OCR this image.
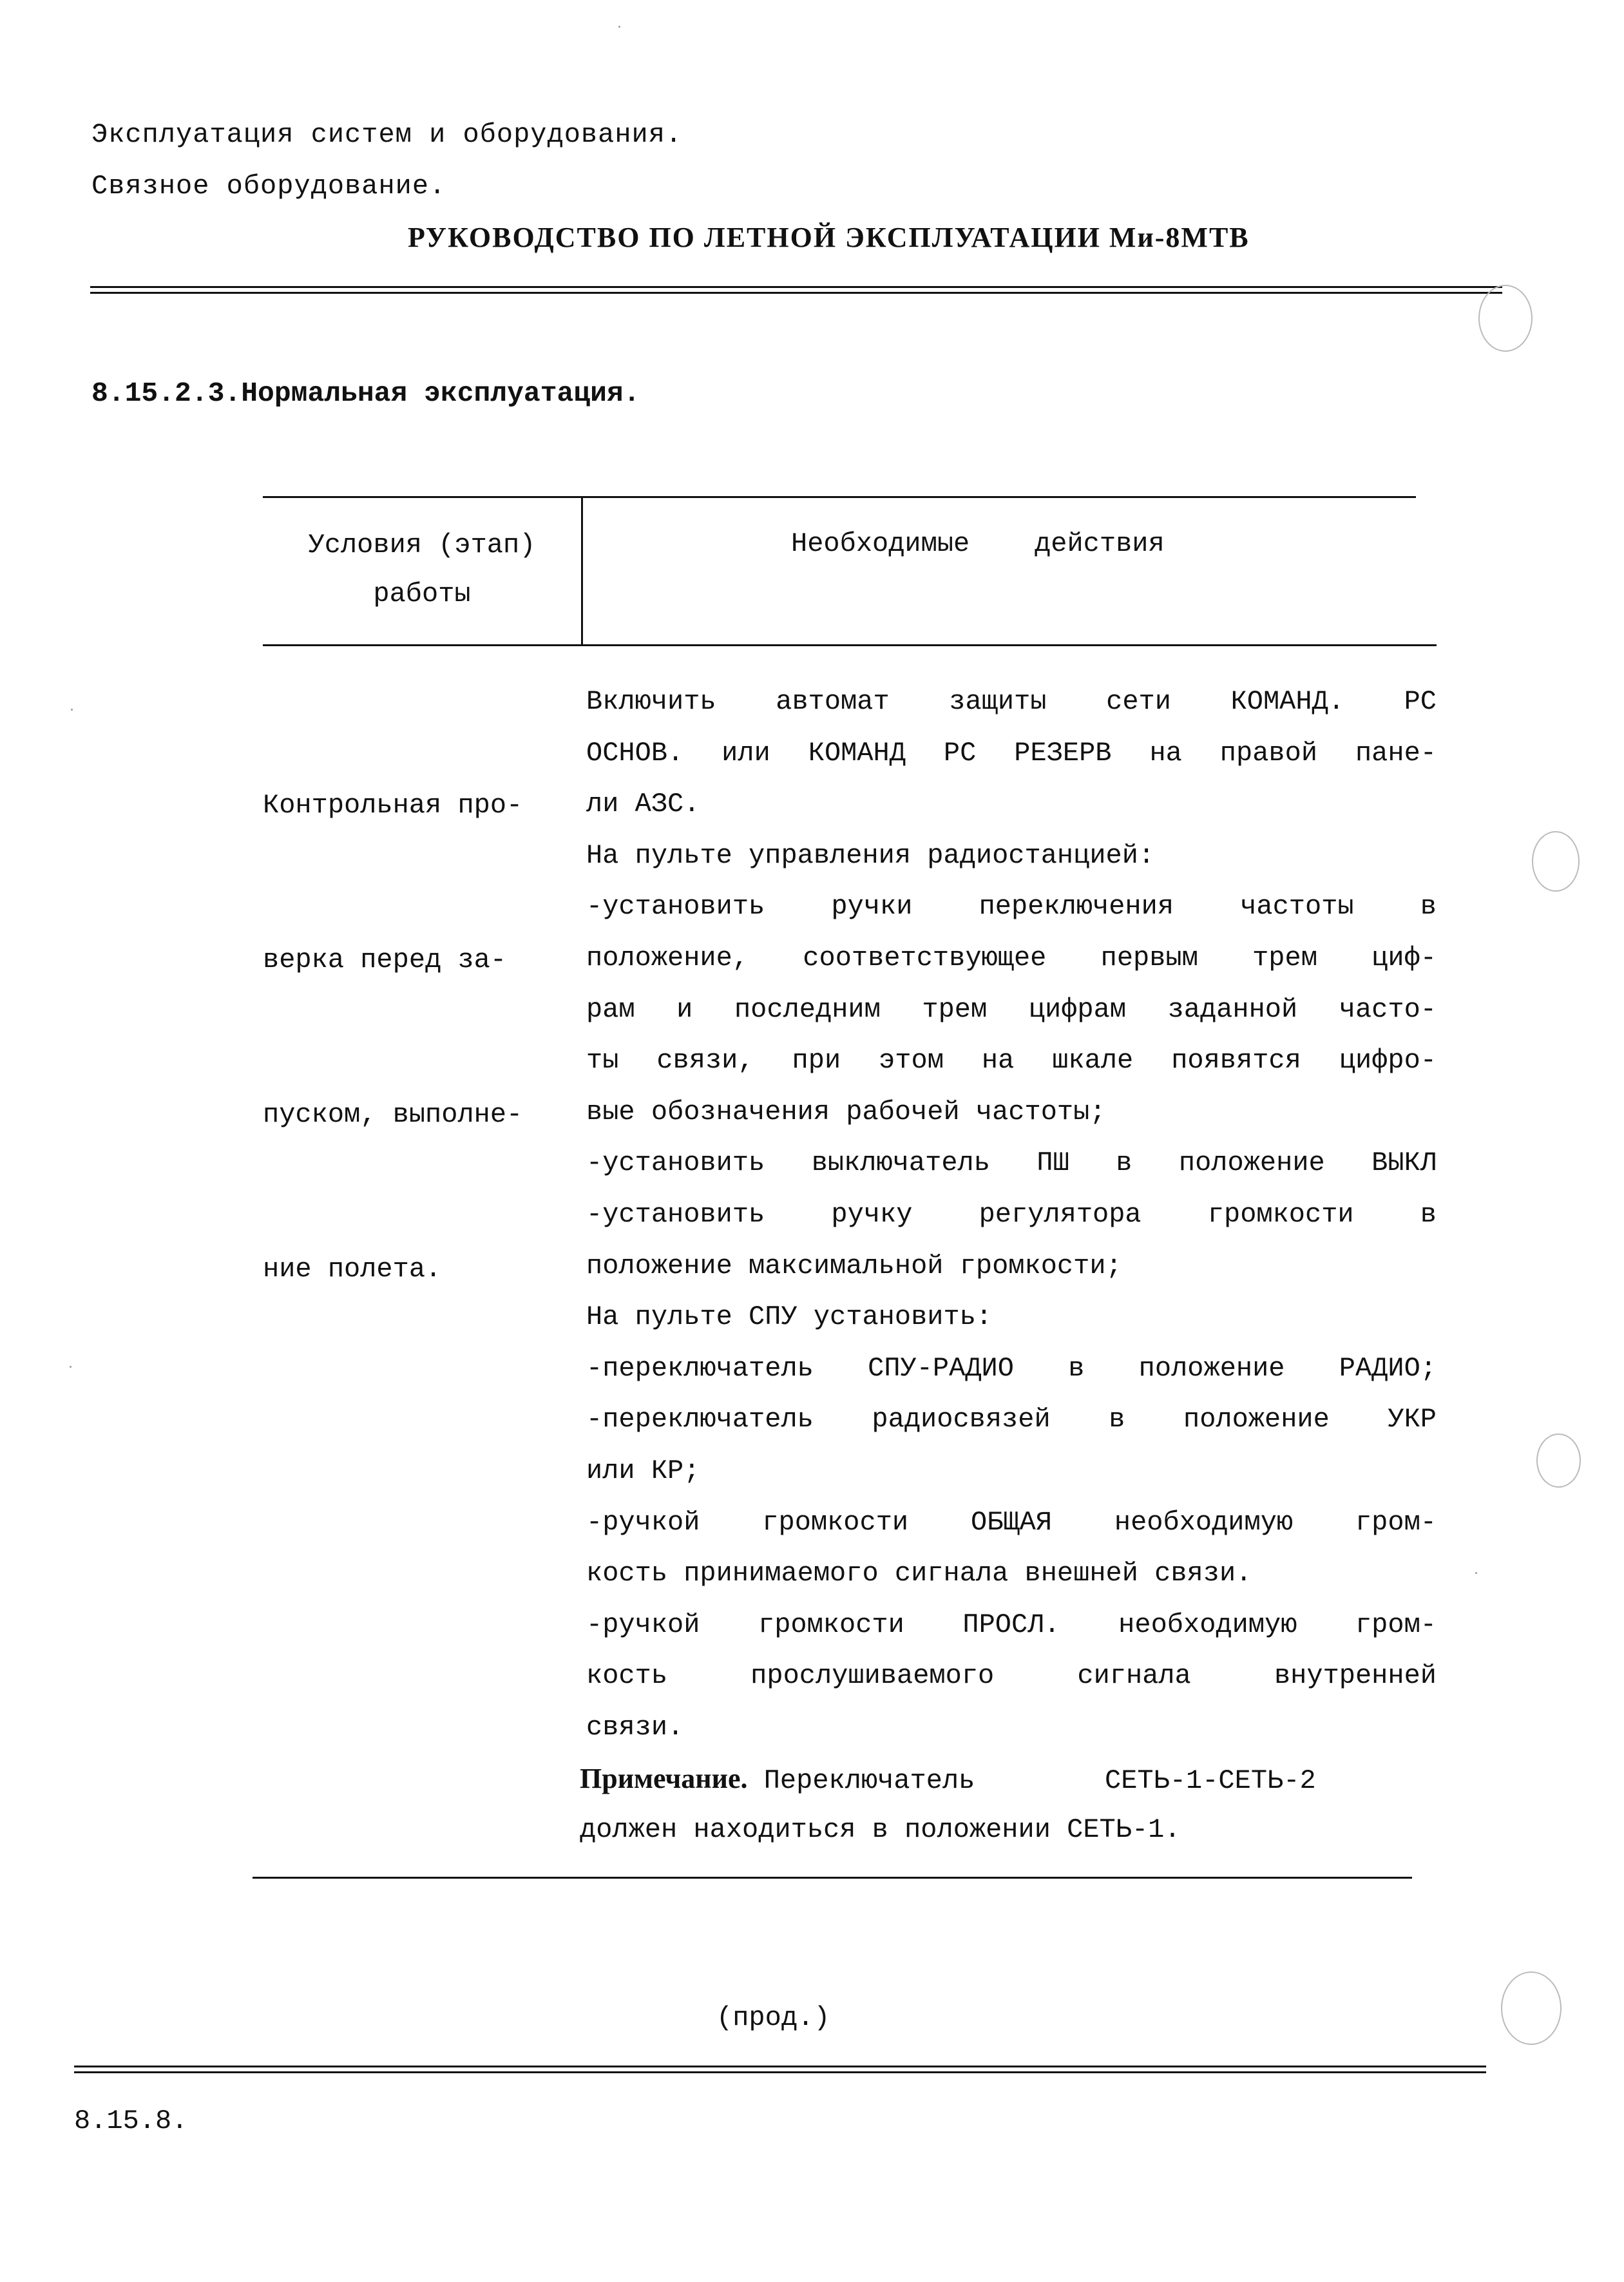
Эксплуатация систем и оборудования.
Связное оборудование.
РУКОВОДСТВО ПО ЛЕТНОЙ ЭКСПЛУАТАЦИИ Ми-8МТВ
8.15.2.3.Нормальная эксплуатация.
Условия (этап)
работы
Необходимые    действия

Контрольная про-

верка перед за-

пуском, выполне-

ние полета.

Включить автомат защиты сети КОМАНД. РС
ОСНОВ. или КОМАНД РС РЕЗЕРВ на правой пане-
ли АЗС.
На пульте управления радиостанцией:
-установить ручки переключения частоты в
положение, соответствующее первым трем циф-
рам и последним трем цифрам заданной часто-
ты связи, при этом на шкале появятся цифро-
вые обозначения рабочей частоты;
-установить выключатель ПШ в положение ВЫКЛ
-установить ручку регулятора громкости в
положение максимальной громкости;
На пульте СПУ установить:
-переключатель СПУ-РАДИО в положение РАДИО;
-переключатель радиосвязей в положение УКР
или КР;
-ручкой громкости ОБЩАЯ необходимую гром-
кость принимаемого сигнала внешней связи.
-ручкой громкости ПРОСЛ. необходимую гром-
кость прослушиваемого сигнала внутренней
связи.
Примечание. Переключатель        СЕТЬ-1-СЕТЬ-2
должен находиться в положении СЕТЬ-1.
(прод.)
8.15.8.
